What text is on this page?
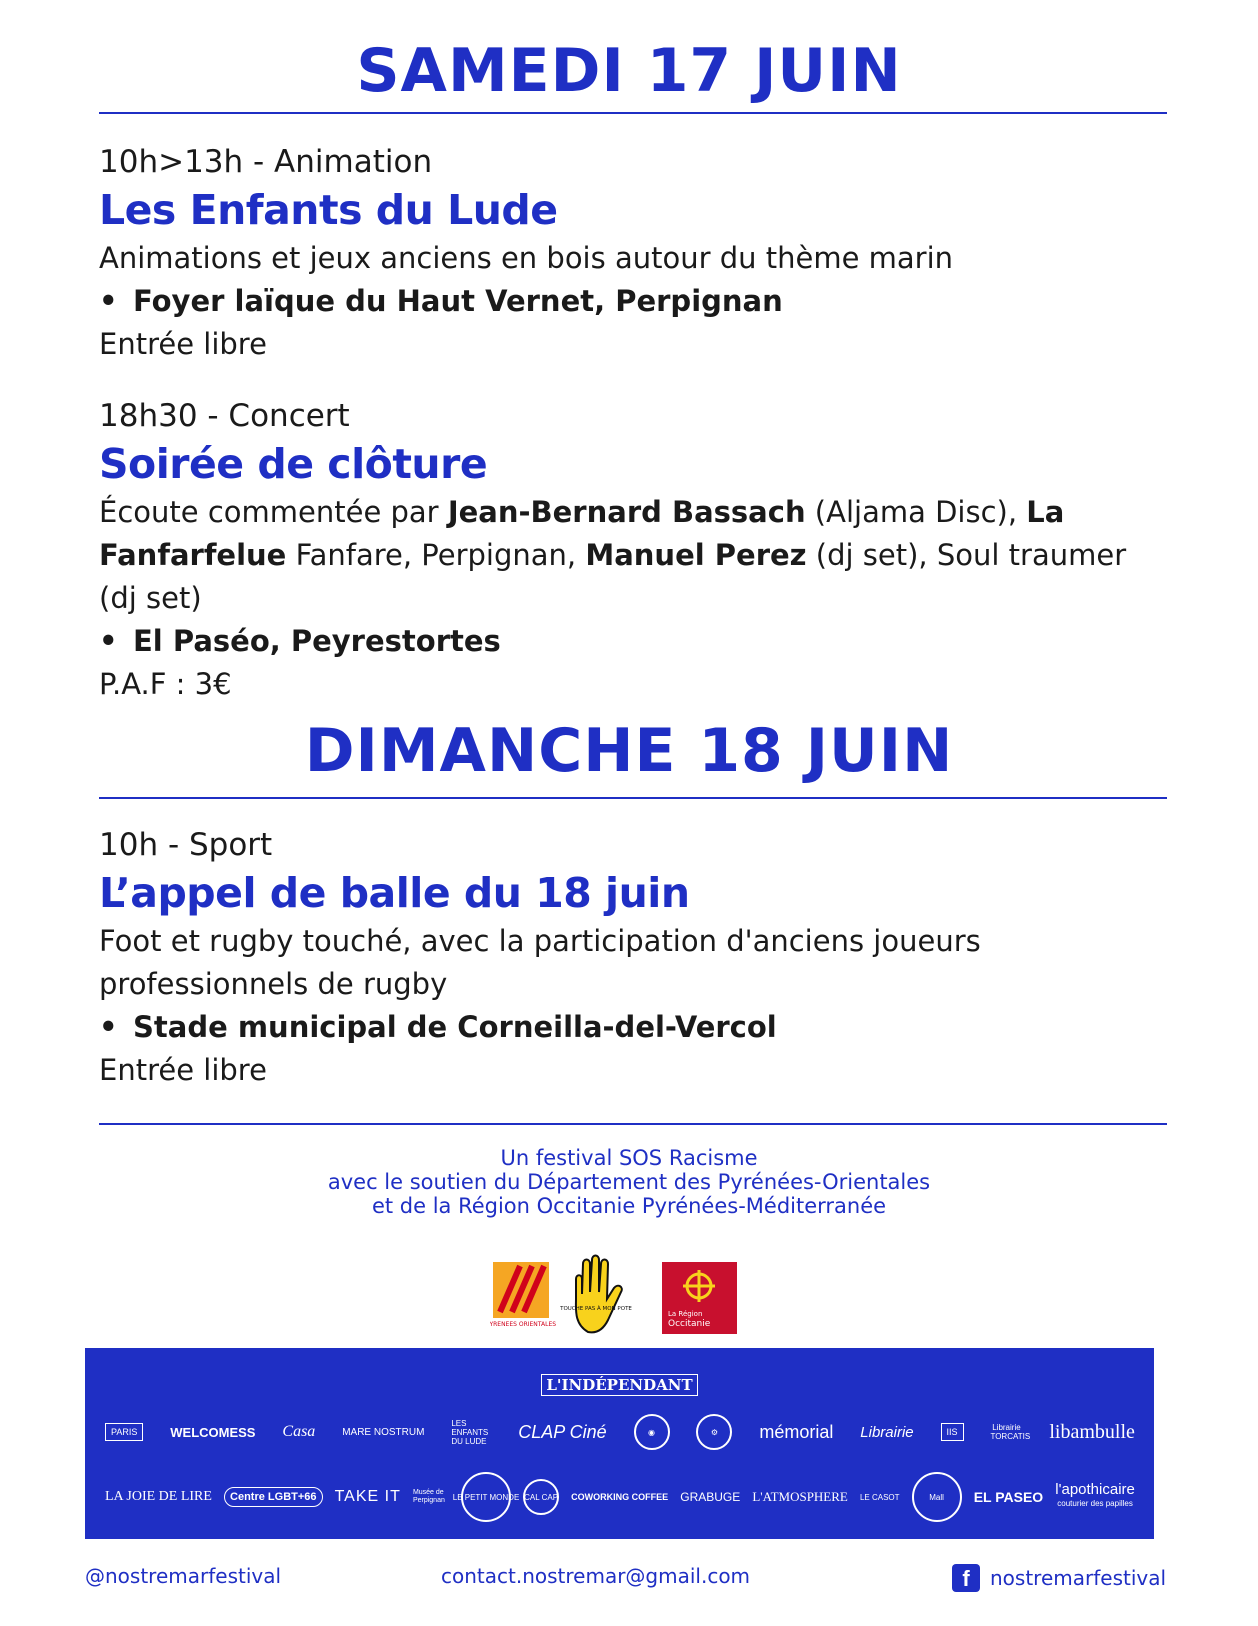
SAMEDI 17 JUIN
10h>13h - Animation
Les Enfants du Lude
Animations et jeux anciens en bois autour du thème marin
• Foyer laïque du Haut Vernet, Perpignan
Entrée libre
18h30 - Concert
Soirée de clôture
Écoute commentée par Jean-Bernard Bassach (Aljama Disc), La Fanfarfelue Fanfare, Perpignan, Manuel Perez (dj set), Soul traumer (dj set)
• El Paséo, Peyrestortes
P.A.F : 3€
DIMANCHE 18 JUIN
10h - Sport
L’appel de balle du 18 juin
Foot et rugby touché, avec la participation d'anciens joueurs professionnels de rugby
• Stade municipal de Corneilla-del-Vercol
Entrée libre
Un festival SOS Racisme
avec le soutien du Département des Pyrénées-Orientales
et de la Région Occitanie Pyrénées-Méditerranée
PYRENEES ORIENTALES
TOUCHE PAS À MON POTE
La Région
Occitanie
L'INDÉPENDANT
PARIS	WELCOMESS Casa	MARE NOSTRUM
LES ENFANTS DU LUDE CLAP Ciné	◉	⚙	mémorial Librairie	IIS	Librairie TORCATIS libambulle
LA JOIE DE LIRE	Centre LGBT+66	TAKE IT Musée de Perpignan LE PETIT MONDE CAL CAP COWORKING COFFEE GRABUGE L'ATMOSPHERE LE CASOT	Mall	EL PASEO l'apothicaire
couturier des papilles
@nostremarfestival	contact.nostremar@gmail.com	f	nostremarfestival
